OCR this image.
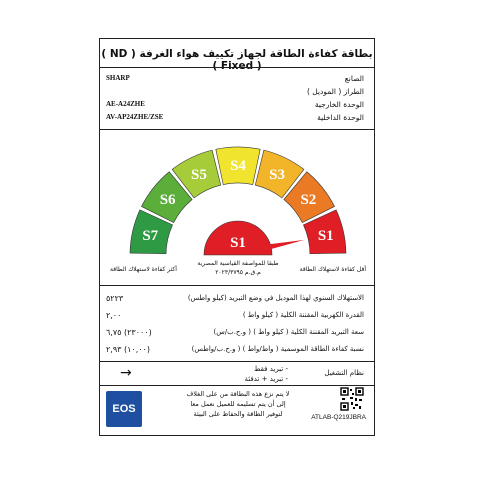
بطاقة كفاءة الطاقة لجهاز تكييف هواء الغرفة ( ND ) ( Fixed )
الصانع
الطراز ( الموديل )
الوحدة الخارجية
الوحدة الداخلية
SHARP
AE-A24ZHE
AV-AP24ZHE/ZSE
S7
S6
S5
S4
S3
S2
S1
S1
أكثر كفاءة لاستهلاك الطاقة	أقل كفاءة لاستهلاك الطاقة
طبقا للمواصفة القياسية المصرية
م.ق.م ٢٠٢٣/٣٧٩٥
الاستهلاك السنوي لهذا الموديل في وضع التبريد (كيلو واطس)
٥٢٢٣
القدرة الكهربية المقننة الكلية ( كيلو واط )
٢,٠٠
سعة التبريد المقننة الكلية ( كيلو واط ) ( و.ح.ب/س)
(٢٣٠٠٠) ٦,٧٥
نسبة كفاءة الطاقة الموسمية ( واط/واط ) ( و.ح.ب/واطس)
(١٠,٠٠) ٢,٩٣
نظام التشغيل
- تبريد فقط
- تبريد + تدفئة
→
EOS
لا يتم نزع هذه البطاقة من على الغلاف إلى أن يتم تسليمه للعميل نعمل معا لتوفير الطاقة والحفاظ على البيئة	ATLAB-Q219JBRA
